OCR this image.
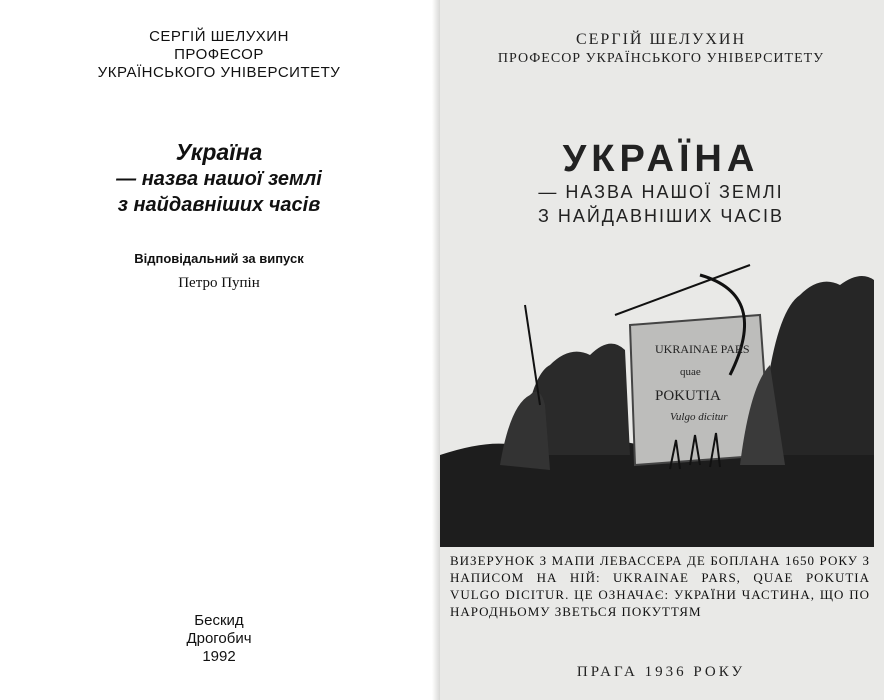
СЕРГІЙ ШЕЛУХИН
ПРОФЕСОР
УКРАЇНСЬКОГО УНІВЕРСИТЕТУ
Україна
— назва нашої землі
з найдавніших часів
Відповідальний за випуск
Петро Пупін
Бескид
Дрогобич
1992
СЕРГІЙ ШЕЛУХИН
ПРОФЕСОР УКРАЇНСЬКОГО УНІВЕРСИТЕТУ
УКРАЇНА
— НАЗВА НАШОЇ ЗЕМЛІ
З НАЙДАВНІШИХ ЧАСІВ
UKRAINAE PARS
quae
POKUTIA
Vulgo dicitur
ВИЗЕРУНОК З МАПИ ЛЕВАССЕРА ДЕ БОПЛАНА 1650 РОКУ З НАПИСОМ НА НІЙ: UKRAINAE PARS, QUAE POKUTIA VULGO DICITUR. ЦЕ ОЗНАЧАЄ: УКРАЇНИ ЧАСТИНА, ЩО ПО НАРОДНЬОМУ ЗВЕТЬСЯ ПОКУТТЯМ
ПРАГА 1936 РОКУ
